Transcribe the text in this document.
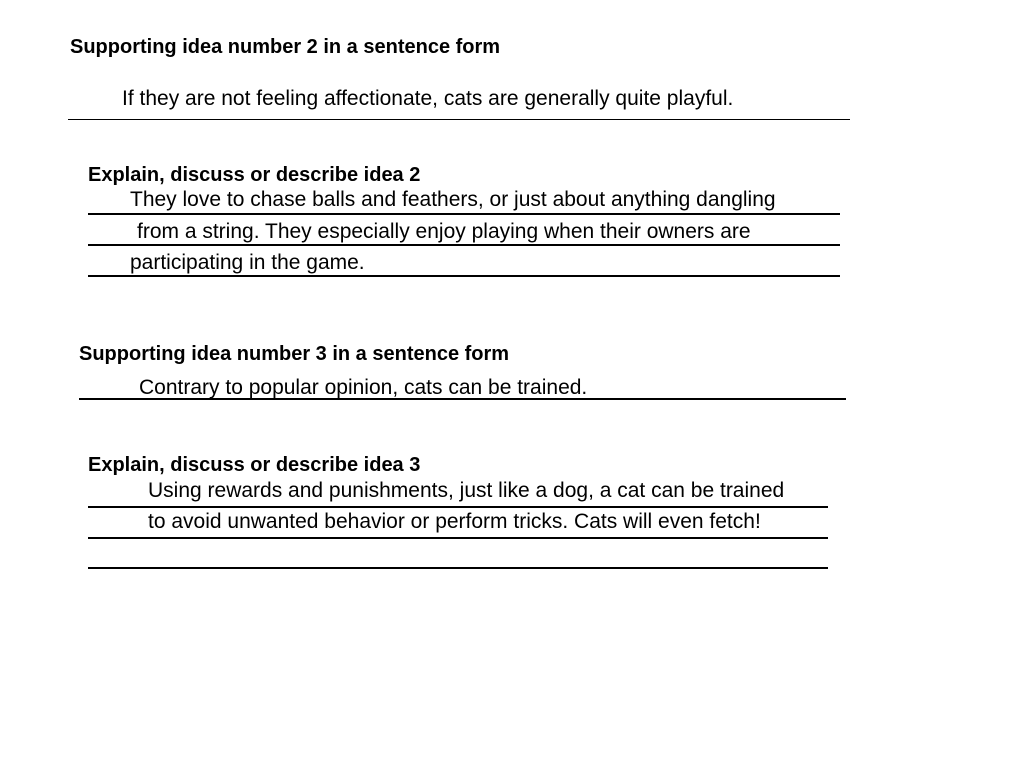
Supporting idea number 2 in a sentence form
If they are not feeling affectionate, cats are generally quite playful.
Explain, discuss or describe idea 2
They love to chase balls and feathers, or just about anything dangling
from a string. They especially enjoy playing when their owners are
participating in the game.
Supporting idea number 3 in a sentence form
Contrary to popular opinion, cats can be trained.
Explain, discuss or describe idea 3
Using rewards and punishments, just like a dog, a cat can be trained
to avoid unwanted behavior or perform tricks. Cats will even fetch!
